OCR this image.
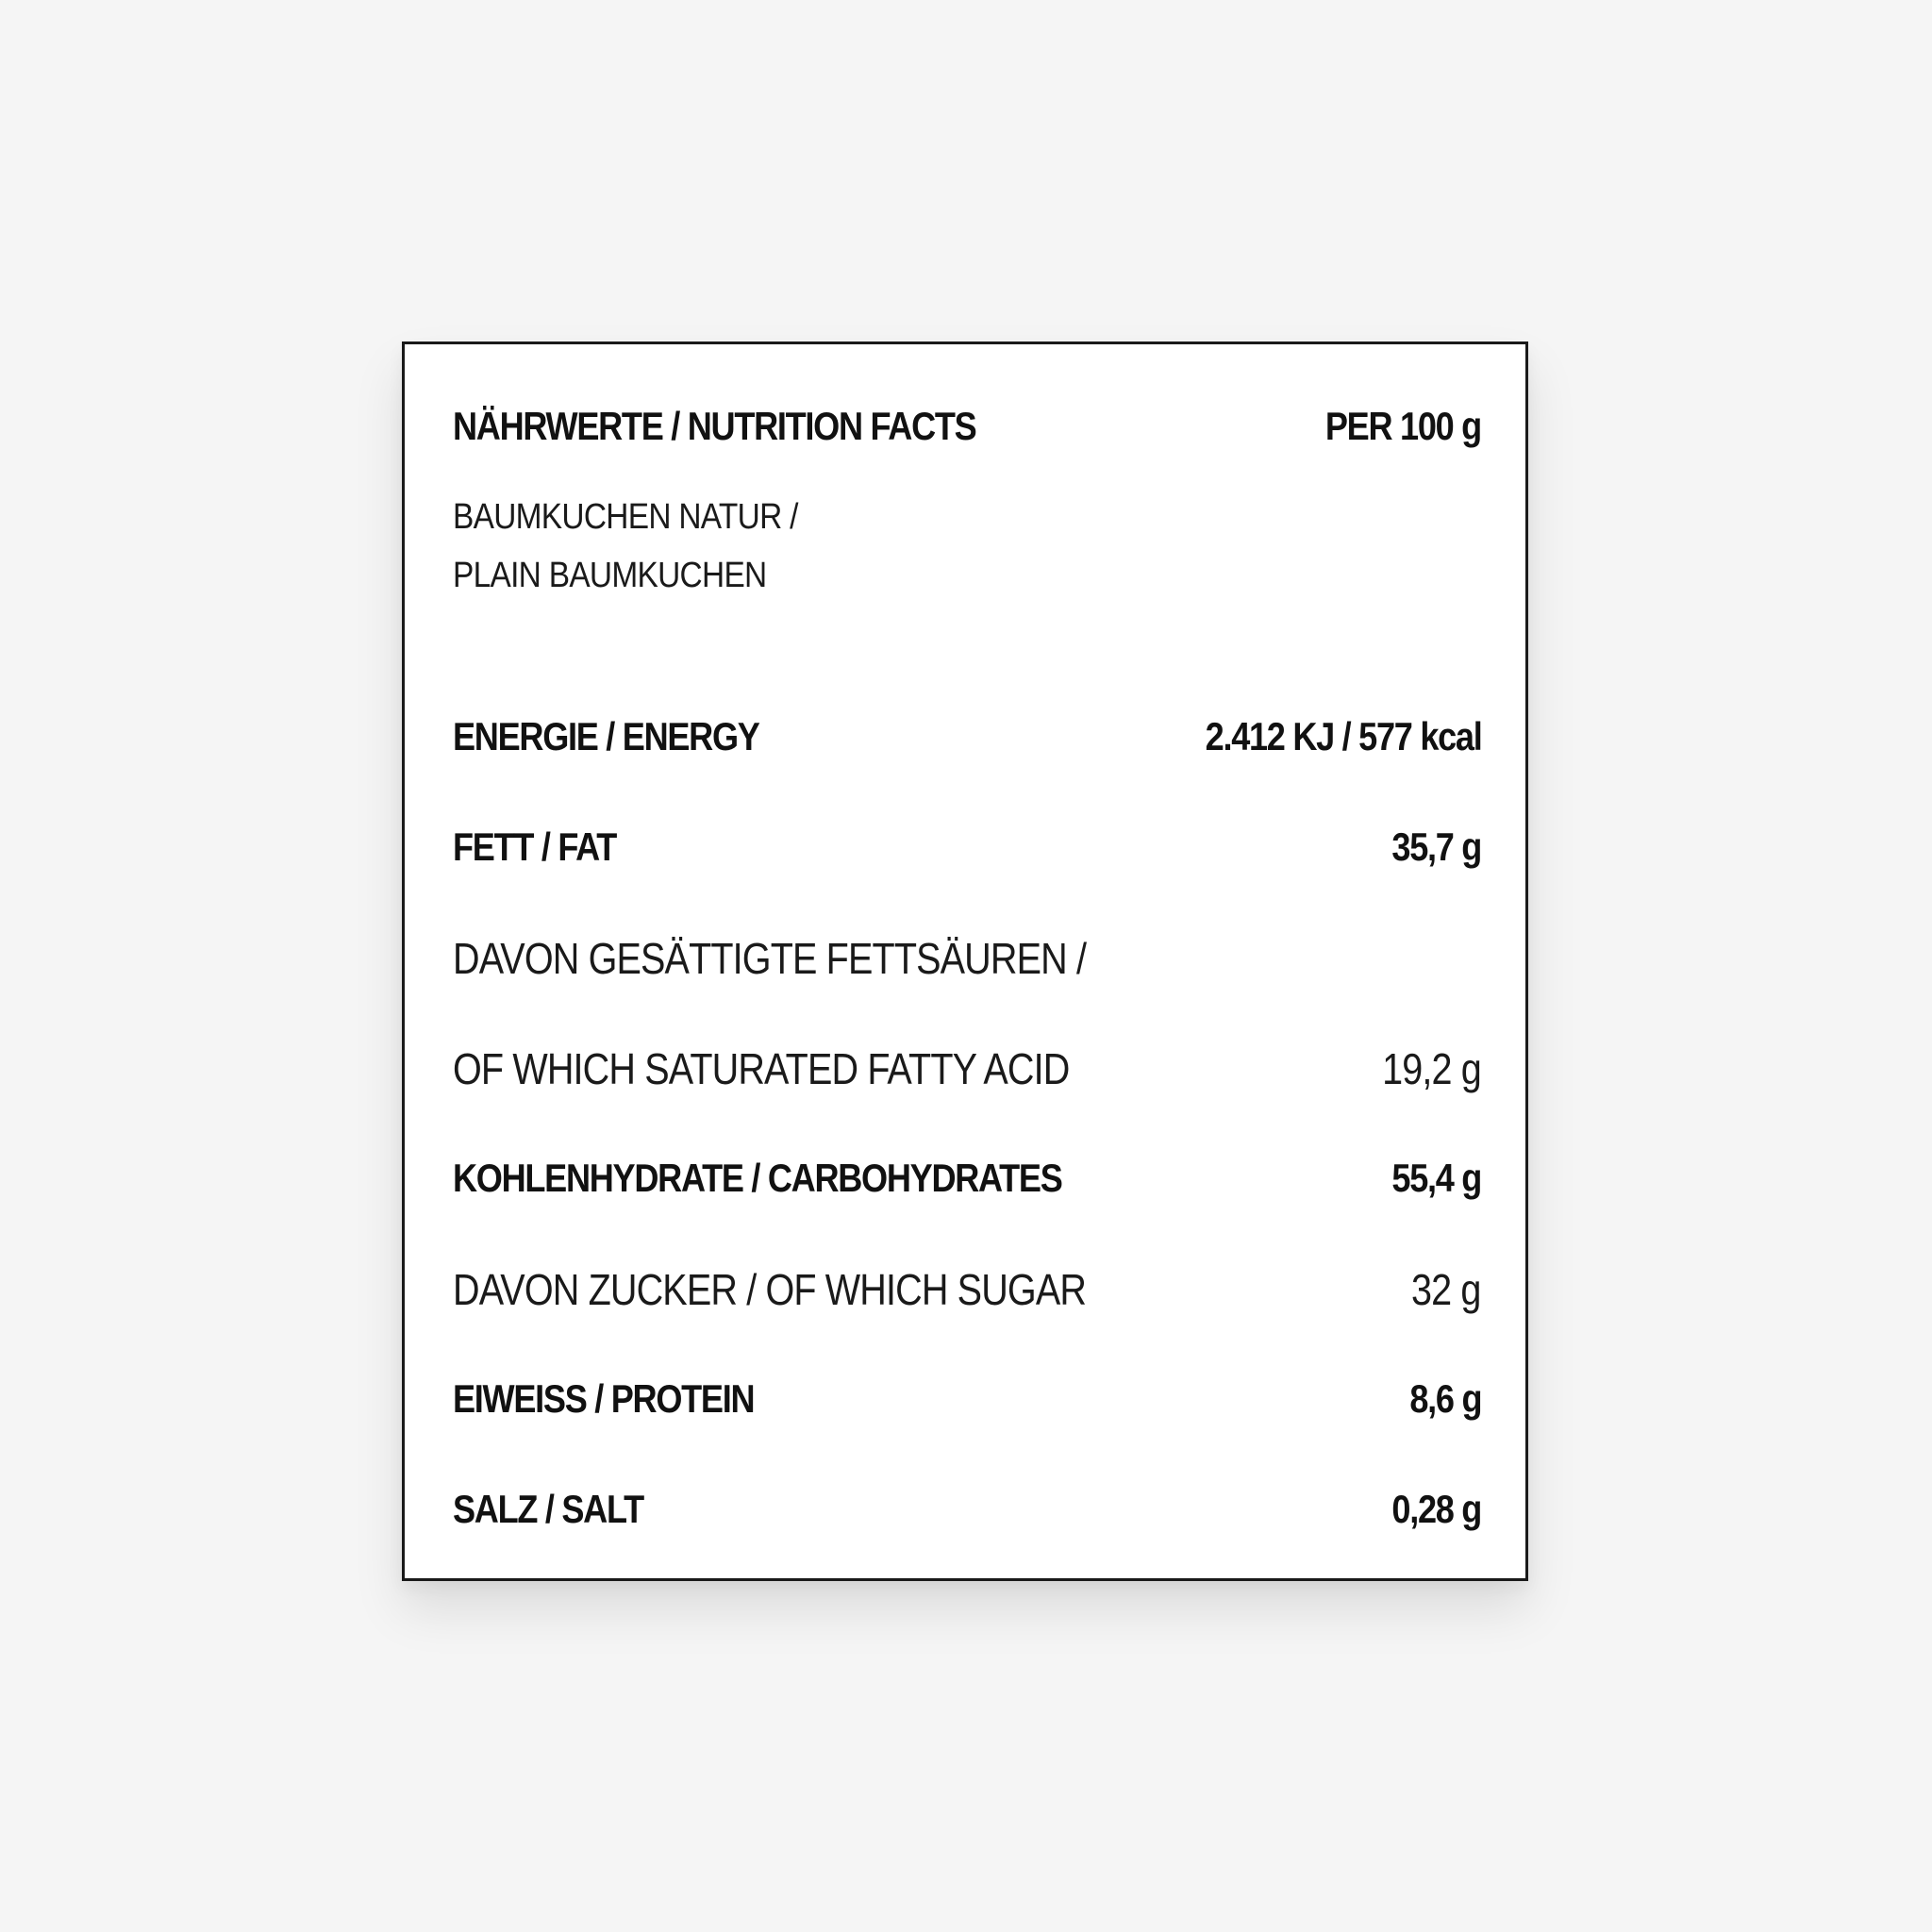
NÄHRWERTE / NUTRITION FACTS	PER 100 g
BAUMKUCHEN NATUR /
PLAIN BAUMKUCHEN
ENERGIE / ENERGY	2.412 KJ / 577 kcal
FETT / FAT	35,7 g
DAVON GESÄTTIGTE FETTSÄUREN /
OF WHICH SATURATED FATTY ACID	19,2 g
KOHLENHYDRATE / CARBOHYDRATES	55,4 g
DAVON ZUCKER / OF WHICH SUGAR	32 g
EIWEISS / PROTEIN	8,6 g
SALZ / SALT	0,28 g
